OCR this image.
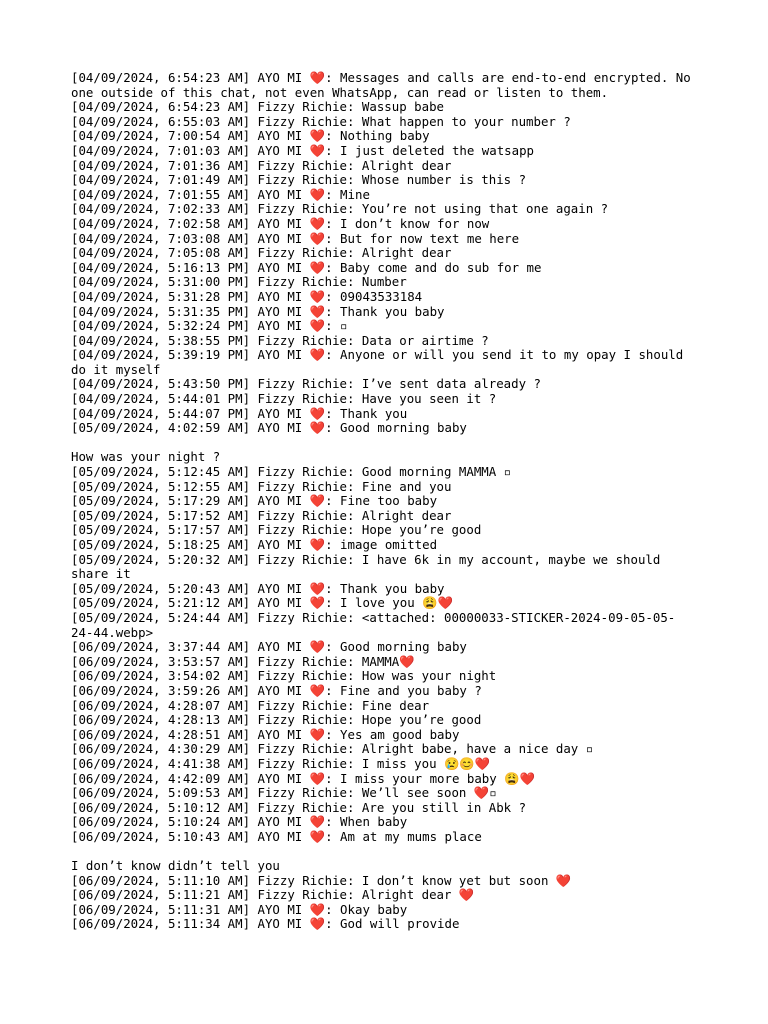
[04/09/2024, 6:54:23 AM] AYO MI ❤️: Messages and calls are end-to-end encrypted. No one outside of this chat, not even WhatsApp, can read or listen to them.
[04/09/2024, 6:54:23 AM] Fizzy Richie: Wassup babe
[04/09/2024, 6:55:03 AM] Fizzy Richie: What happen to your number ?
[04/09/2024, 7:00:54 AM] AYO MI ❤️: Nothing baby
[04/09/2024, 7:01:03 AM] AYO MI ❤️: I just deleted the watsapp
[04/09/2024, 7:01:36 AM] Fizzy Richie: Alright dear
[04/09/2024, 7:01:49 AM] Fizzy Richie: Whose number is this ?
[04/09/2024, 7:01:55 AM] AYO MI ❤️: Mine
[04/09/2024, 7:02:33 AM] Fizzy Richie: You’re not using that one again ?
[04/09/2024, 7:02:58 AM] AYO MI ❤️: I don’t know for now
[04/09/2024, 7:03:08 AM] AYO MI ❤️: But for now text me here
[04/09/2024, 7:05:08 AM] Fizzy Richie: Alright dear
[04/09/2024, 5:16:13 PM] AYO MI ❤️: Baby come and do sub for me
[04/09/2024, 5:31:00 PM] Fizzy Richie: Number
[04/09/2024, 5:31:28 PM] AYO MI ❤️: 09043533184
[04/09/2024, 5:31:35 PM] AYO MI ❤️: Thank you baby
[04/09/2024, 5:32:24 PM] AYO MI ❤️: ▫
[04/09/2024, 5:38:55 PM] Fizzy Richie: Data or airtime ?
[04/09/2024, 5:39:19 PM] AYO MI ❤️: Anyone or will you send it to my opay I should do it myself
[04/09/2024, 5:43:50 PM] Fizzy Richie: I’ve sent data already ?
[04/09/2024, 5:44:01 PM] Fizzy Richie: Have you seen it ?
[04/09/2024, 5:44:07 PM] AYO MI ❤️: Thank you
[05/09/2024, 4:02:59 AM] AYO MI ❤️: Good morning baby
How was your night ?
[05/09/2024, 5:12:45 AM] Fizzy Richie: Good morning MAMMA ▫
[05/09/2024, 5:12:55 AM] Fizzy Richie: Fine and you
[05/09/2024, 5:17:29 AM] AYO MI ❤️: Fine too baby
[05/09/2024, 5:17:52 AM] Fizzy Richie: Alright dear
[05/09/2024, 5:17:57 AM] Fizzy Richie: Hope you’re good
[05/09/2024, 5:18:25 AM] AYO MI ❤️: image omitted
[05/09/2024, 5:20:32 AM] Fizzy Richie: I have 6k in my account, maybe we should share it
[05/09/2024, 5:20:43 AM] AYO MI ❤️: Thank you baby
[05/09/2024, 5:21:12 AM] AYO MI ❤️: I love you 😩❤️
[05/09/2024, 5:24:44 AM] Fizzy Richie: <attached: 00000033-STICKER-2024-09-05-05-24-44.webp>
[06/09/2024, 3:37:44 AM] AYO MI ❤️: Good morning baby
[06/09/2024, 3:53:57 AM] Fizzy Richie: MAMMA❤️
[06/09/2024, 3:54:02 AM] Fizzy Richie: How was your night
[06/09/2024, 3:59:26 AM] AYO MI ❤️: Fine and you baby ?
[06/09/2024, 4:28:07 AM] Fizzy Richie: Fine dear
[06/09/2024, 4:28:13 AM] Fizzy Richie: Hope you’re good
[06/09/2024, 4:28:51 AM] AYO MI ❤️: Yes am good baby
[06/09/2024, 4:30:29 AM] Fizzy Richie: Alright babe, have a nice day ▫
[06/09/2024, 4:41:38 AM] Fizzy Richie: I miss you 😢😊❤️
[06/09/2024, 4:42:09 AM] AYO MI ❤️: I miss your more baby 😩❤️
[06/09/2024, 5:09:53 AM] Fizzy Richie: We’ll see soon ❤️▫
[06/09/2024, 5:10:12 AM] Fizzy Richie: Are you still in Abk ?
[06/09/2024, 5:10:24 AM] AYO MI ❤️: When baby
[06/09/2024, 5:10:43 AM] AYO MI ❤️: Am at my mums place
I don’t know didn’t tell you
[06/09/2024, 5:11:10 AM] Fizzy Richie: I don’t know yet but soon ❤️
[06/09/2024, 5:11:21 AM] Fizzy Richie: Alright dear ❤️
[06/09/2024, 5:11:31 AM] AYO MI ❤️: Okay baby
[06/09/2024, 5:11:34 AM] AYO MI ❤️: God will provide
